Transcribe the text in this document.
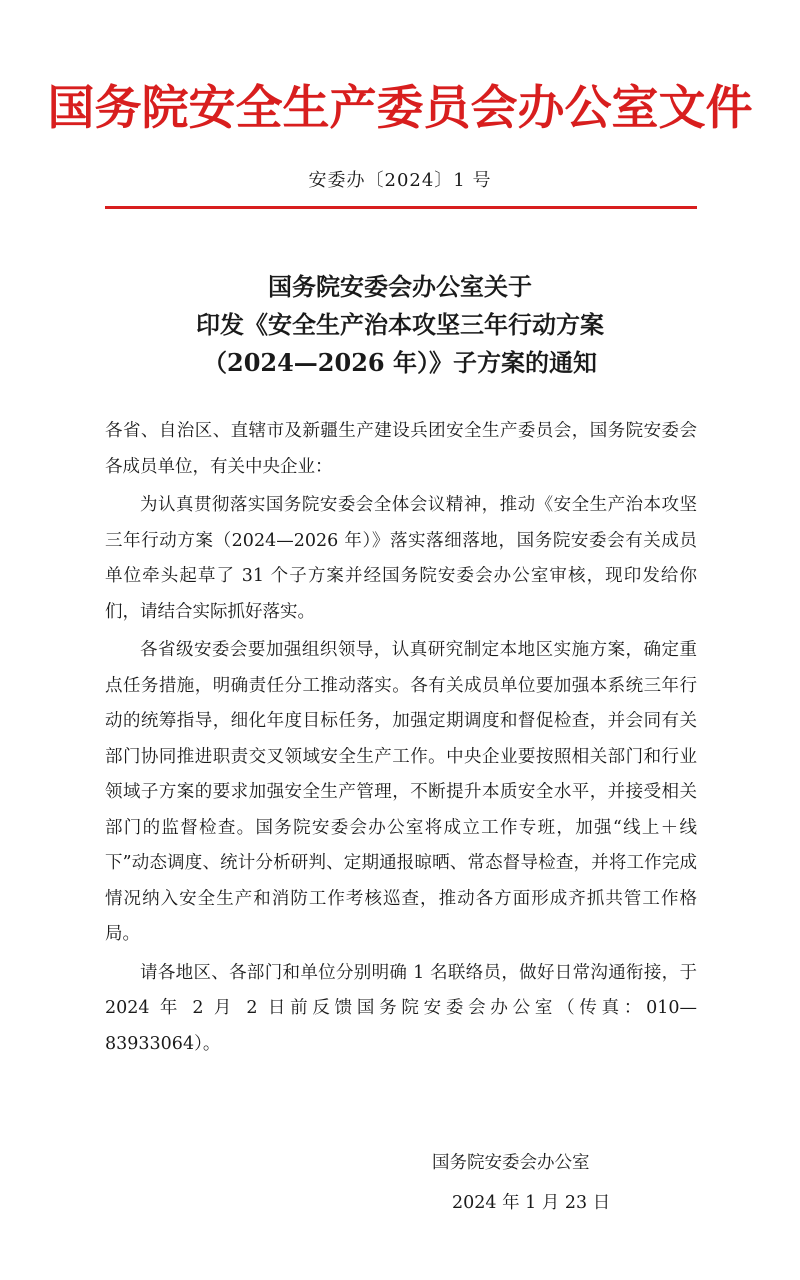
国务院安全生产委员会办公室文件
安委办〔2024〕1 号
国务院安委会办公室关于
印发《安全生产治本攻坚三年行动方案
（2024—2026 年）》子方案的通知

各省、自治区、直辖市及新疆生产建设兵团安全生产委员会，国务院安委会各成员单位，有关中央企业：

为认真贯彻落实国务院安委会全体会议精神，推动《安全生产治本攻坚三年行动方案（2024—2026 年）》落实落细落地，国务院安委会有关成员单位牵头起草了 31 个子方案并经国务院安委会办公室审核，现印发给你们，请结合实际抓好落实。

各省级安委会要加强组织领导，认真研究制定本地区实施方案，确定重点任务措施，明确责任分工推动落实。各有关成员单位要加强本系统三年行动的统筹指导，细化年度目标任务，加强定期调度和督促检查，并会同有关部门协同推进职责交叉领域安全生产工作。中央企业要按照相关部门和行业领域子方案的要求加强安全生产管理，不断提升本质安全水平，并接受相关部门的监督检查。国务院安委会办公室将成立工作专班，加强“线上＋线下”动态调度、统计分析研判、定期通报晾晒、常态督导检查，并将工作完成情况纳入安全生产和消防工作考核巡查，推动各方面形成齐抓共管工作格局。

请各地区、各部门和单位分别明确 1 名联络员，做好日常沟通衔接，于 2024 年 2 月 2 日前反馈国务院安委会办公室（传真：010—83933064）。

国务院安委会办公室
2024 年 1 月 23 日
